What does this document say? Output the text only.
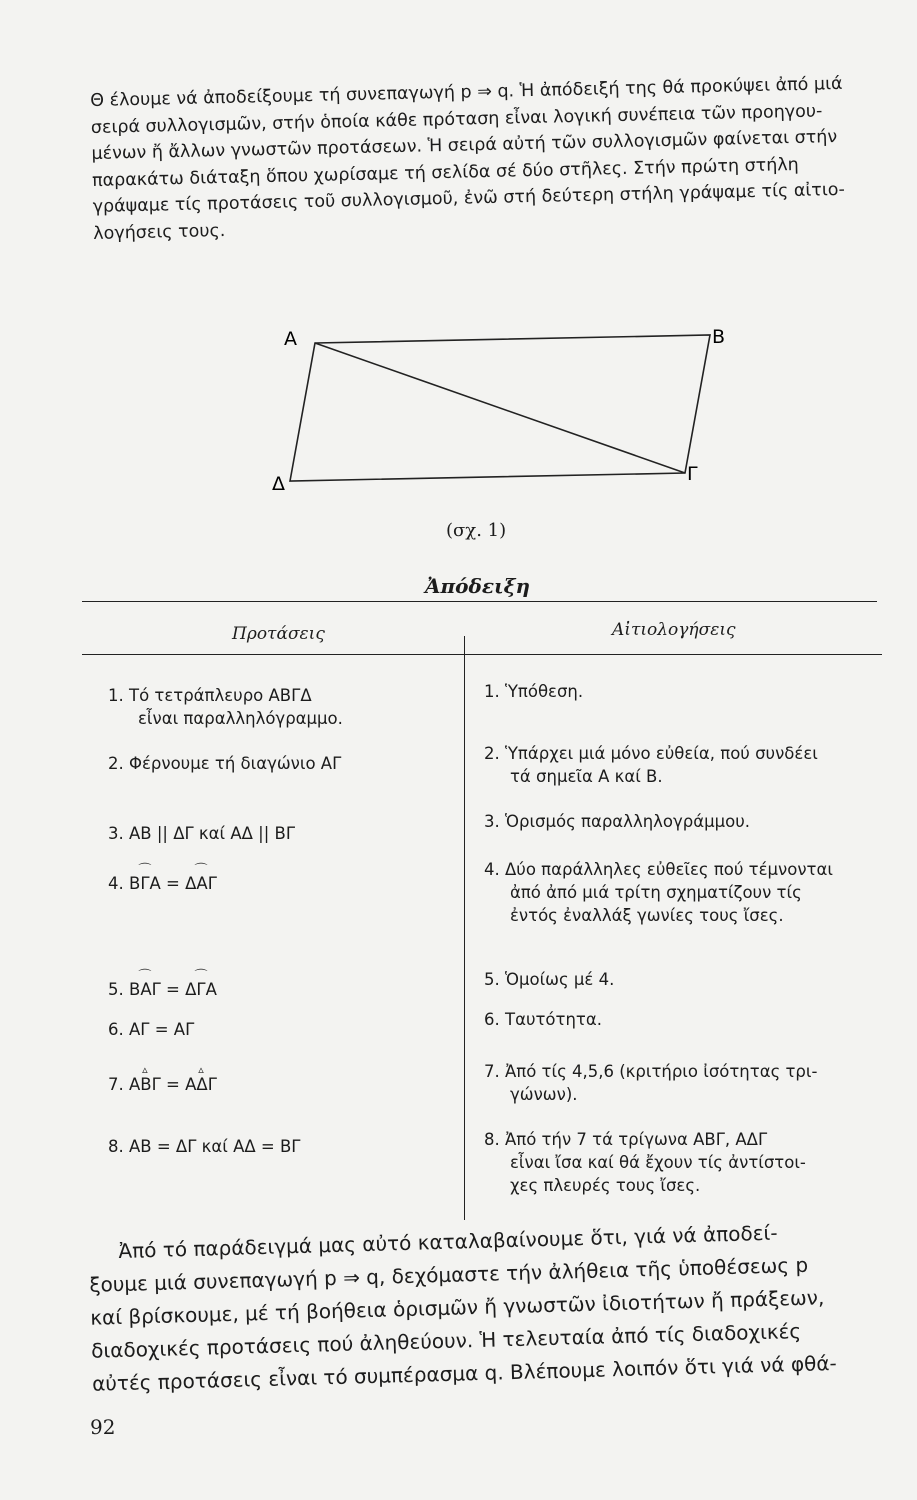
Θ έλουμε νά ἀποδείξουμε τή συνεπαγωγή p ⇒ q. Ἡ ἀπόδειξή της θά προκύψει ἀπό μιά
σειρά συλλογισμῶν, στήν ὁποία κάθε πρόταση εἶναι λογική συνέπεια τῶν προηγου-
μένων ἤ ἄλλων γνωστῶν προτάσεων. Ἡ σειρά αὐτή τῶν συλλογισμῶν φαίνεται στήν
παρακάτω διάταξη ὅπου χωρίσαμε τή σελίδα σέ δύο στῆλες. Στήν πρώτη στήλη
γράψαμε τίς προτάσεις τοῦ συλλογισμοῦ, ἐνῶ στή δεύτερη στήλη γράψαμε τίς αἰτιο-
λογήσεις τους.
A	B
Γ
Δ
(σχ. 1)
Ἀπόδειξη
Προτάσεις	Αἰτιολογήσεις
1. Τό τετράπλευρο ΑΒΓΔ
εἶναι παραλληλόγραμμο.
2. Φέρνουμε τή διαγώνιο ΑΓ
3. ΑΒ || ΔΓ καί ΑΔ || ΒΓ
4. ⌒ ΒΓΑ = ⌒ ΔΑΓ
5. ⌒ ΒΑΓ = ⌒ ΔΓΑ
6. ΑΓ = ΑΓ
7. ▵ ΑΒΓ = ▵ ΑΔΓ
8. ΑΒ = ΔΓ καί ΑΔ = ΒΓ
1. Ὑπόθεση.
2. Ὑπάρχει μιά μόνο εὐθεία, πού συνδέει
τά σημεῖα Α καί Β.
3. Ὁρισμός παραλληλογράμμου.
4. Δύο παράλληλες εὐθεῖες πού τέμνονται
ἀπό ἀπό μιά τρίτη σχηματίζουν τίς
ἐντός ἐναλλάξ γωνίες τους ἴσες.
5. Ὁμοίως μέ 4.
6. Ταυτότητα.
7. Ἀπό τίς 4,5,6 (κριτήριο ἰσότητας τρι-
γώνων).
8. Ἀπό τήν 7 τά τρίγωνα ΑΒΓ, ΑΔΓ
εἶναι ἴσα καί θά ἔχουν τίς ἀντίστοι-
χες πλευρές τους ἴσες.
Ἀπό τό παράδειγμά μας αὐτό καταλαβαίνουμε ὅτι, γιά νά ἀποδεί-
ξουμε μιά συνεπαγωγή p ⇒ q, δεχόμαστε τήν ἀλήθεια τῆς ὑποθέσεως p
καί βρίσκουμε, μέ τή βοήθεια ὁρισμῶν ἤ γνωστῶν ἰδιοτήτων ἤ πράξεων,
διαδοχικές προτάσεις πού ἀληθεύουν. Ἡ τελευταία ἀπό τίς διαδοχικές
αὐτές προτάσεις εἶναι τό συμπέρασμα q. Βλέπουμε λοιπόν ὅτι γιά νά φθά-
92
